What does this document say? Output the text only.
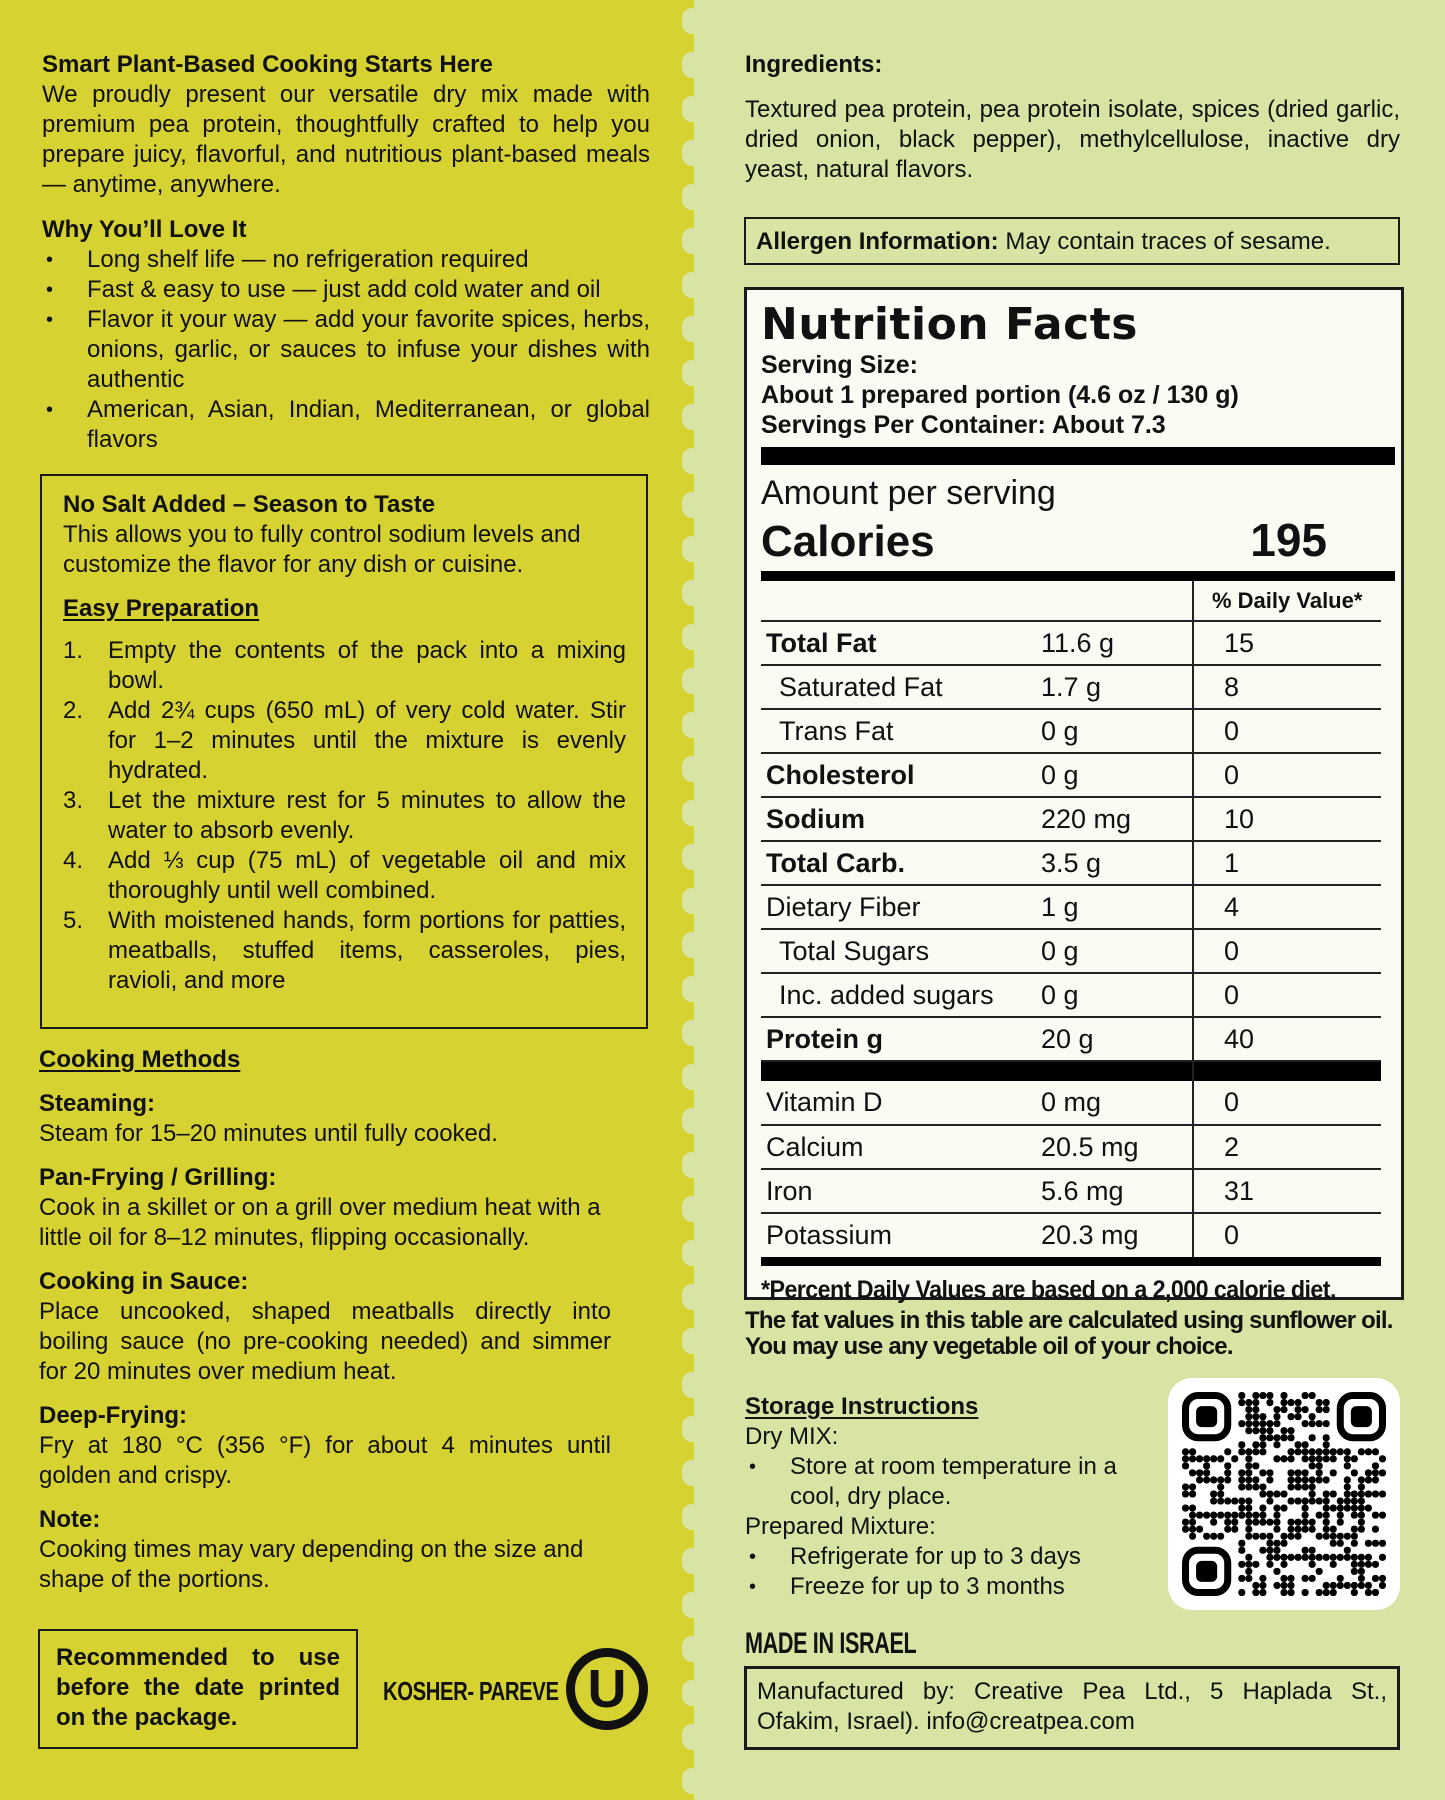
Smart Plant-Based Cooking Starts Here
We proudly present our versatile dry mix made with premium pea protein, thoughtfully crafted to help you prepare juicy, flavorful, and nutritious plant-based meals — anytime, anywhere.
Why You’ll Love It
• Long shelf life — no refrigeration required
• Fast & easy to use — just add cold water and oil
• Flavor it your way — add your favorite spices, herbs, onions, garlic, or sauces to infuse your dishes with authentic
• American, Asian, Indian, Mediterranean, or global flavors
No Salt Added – Season to Taste
This allows you to fully control sodium levels and customize the flavor for any dish or cuisine.
Easy Preparation
1. Empty the contents of the pack into a mixing bowl.
2. Add 2¾ cups (650 mL) of very cold water. Stir for 1–2 minutes until the mixture is evenly hydrated.
3. Let the mixture rest for 5 minutes to allow the water to absorb evenly.
4. Add ⅓ cup (75 mL) of vegetable oil and mix thoroughly until well combined.
5. With moistened hands, form portions for patties, meatballs, stuffed items, casseroles, pies, ravioli, and more
Cooking Methods
Steaming:
Steam for 15–20 minutes until fully cooked.
Pan-Frying / Grilling:
Cook in a skillet or on a grill over medium heat with a little oil for 8–12 minutes, flipping occasionally.
Cooking in Sauce:
Place uncooked, shaped meatballs directly into boiling sauce (no pre-cooking needed) and simmer for 20 minutes over medium heat.
Deep-Frying:
Fry at 180 °C (356 °F) for about 4 minutes until golden and crispy.
Note:
Cooking times may vary depending on the size and shape of the portions.
Recommended to use before the date printed on the package.
KOSHER- PAREVE U
Ingredients:
Textured pea protein, pea protein isolate, spices (dried garlic, dried onion, black pepper), methylcellulose, inactive dry yeast, natural flavors.
Allergen Information: May contain traces of sesame.
Nutrition Facts
Serving Size:
About 1 prepared portion (4.6 oz / 130 g)
Servings Per Container: About 7.3
Amount per serving
Calories	195
		% Daily Value*
Total Fat	11.6 g	15
Saturated Fat	1.7 g	8
Trans Fat	0 g	0
Cholesterol	0 g	0
Sodium	220 mg	10
Total Carb.	3.5 g	1
Dietary Fiber	1 g	4
Total Sugars	0 g	0
Inc. added sugars	0 g	0
Protein g	20 g	40

Vitamin D	0 mg	0
Calcium	20.5 mg	2
Iron	5.6 mg	31
Potassium	20.3 mg	0
*Percent Daily Values are based on a 2,000 calorie diet.
The fat values in this table are calculated using sunflower oil. You may use any vegetable oil of your choice.
Storage Instructions
Dry MIX:
• Store at room temperature in a cool, dry place.
Prepared Mixture:
• Refrigerate for up to 3 days
• Freeze for up to 3 months
MADE IN ISRAEL
Manufactured by: Creative Pea Ltd., 5 Haplada St., Ofakim, Israel). info@creatpea.com
